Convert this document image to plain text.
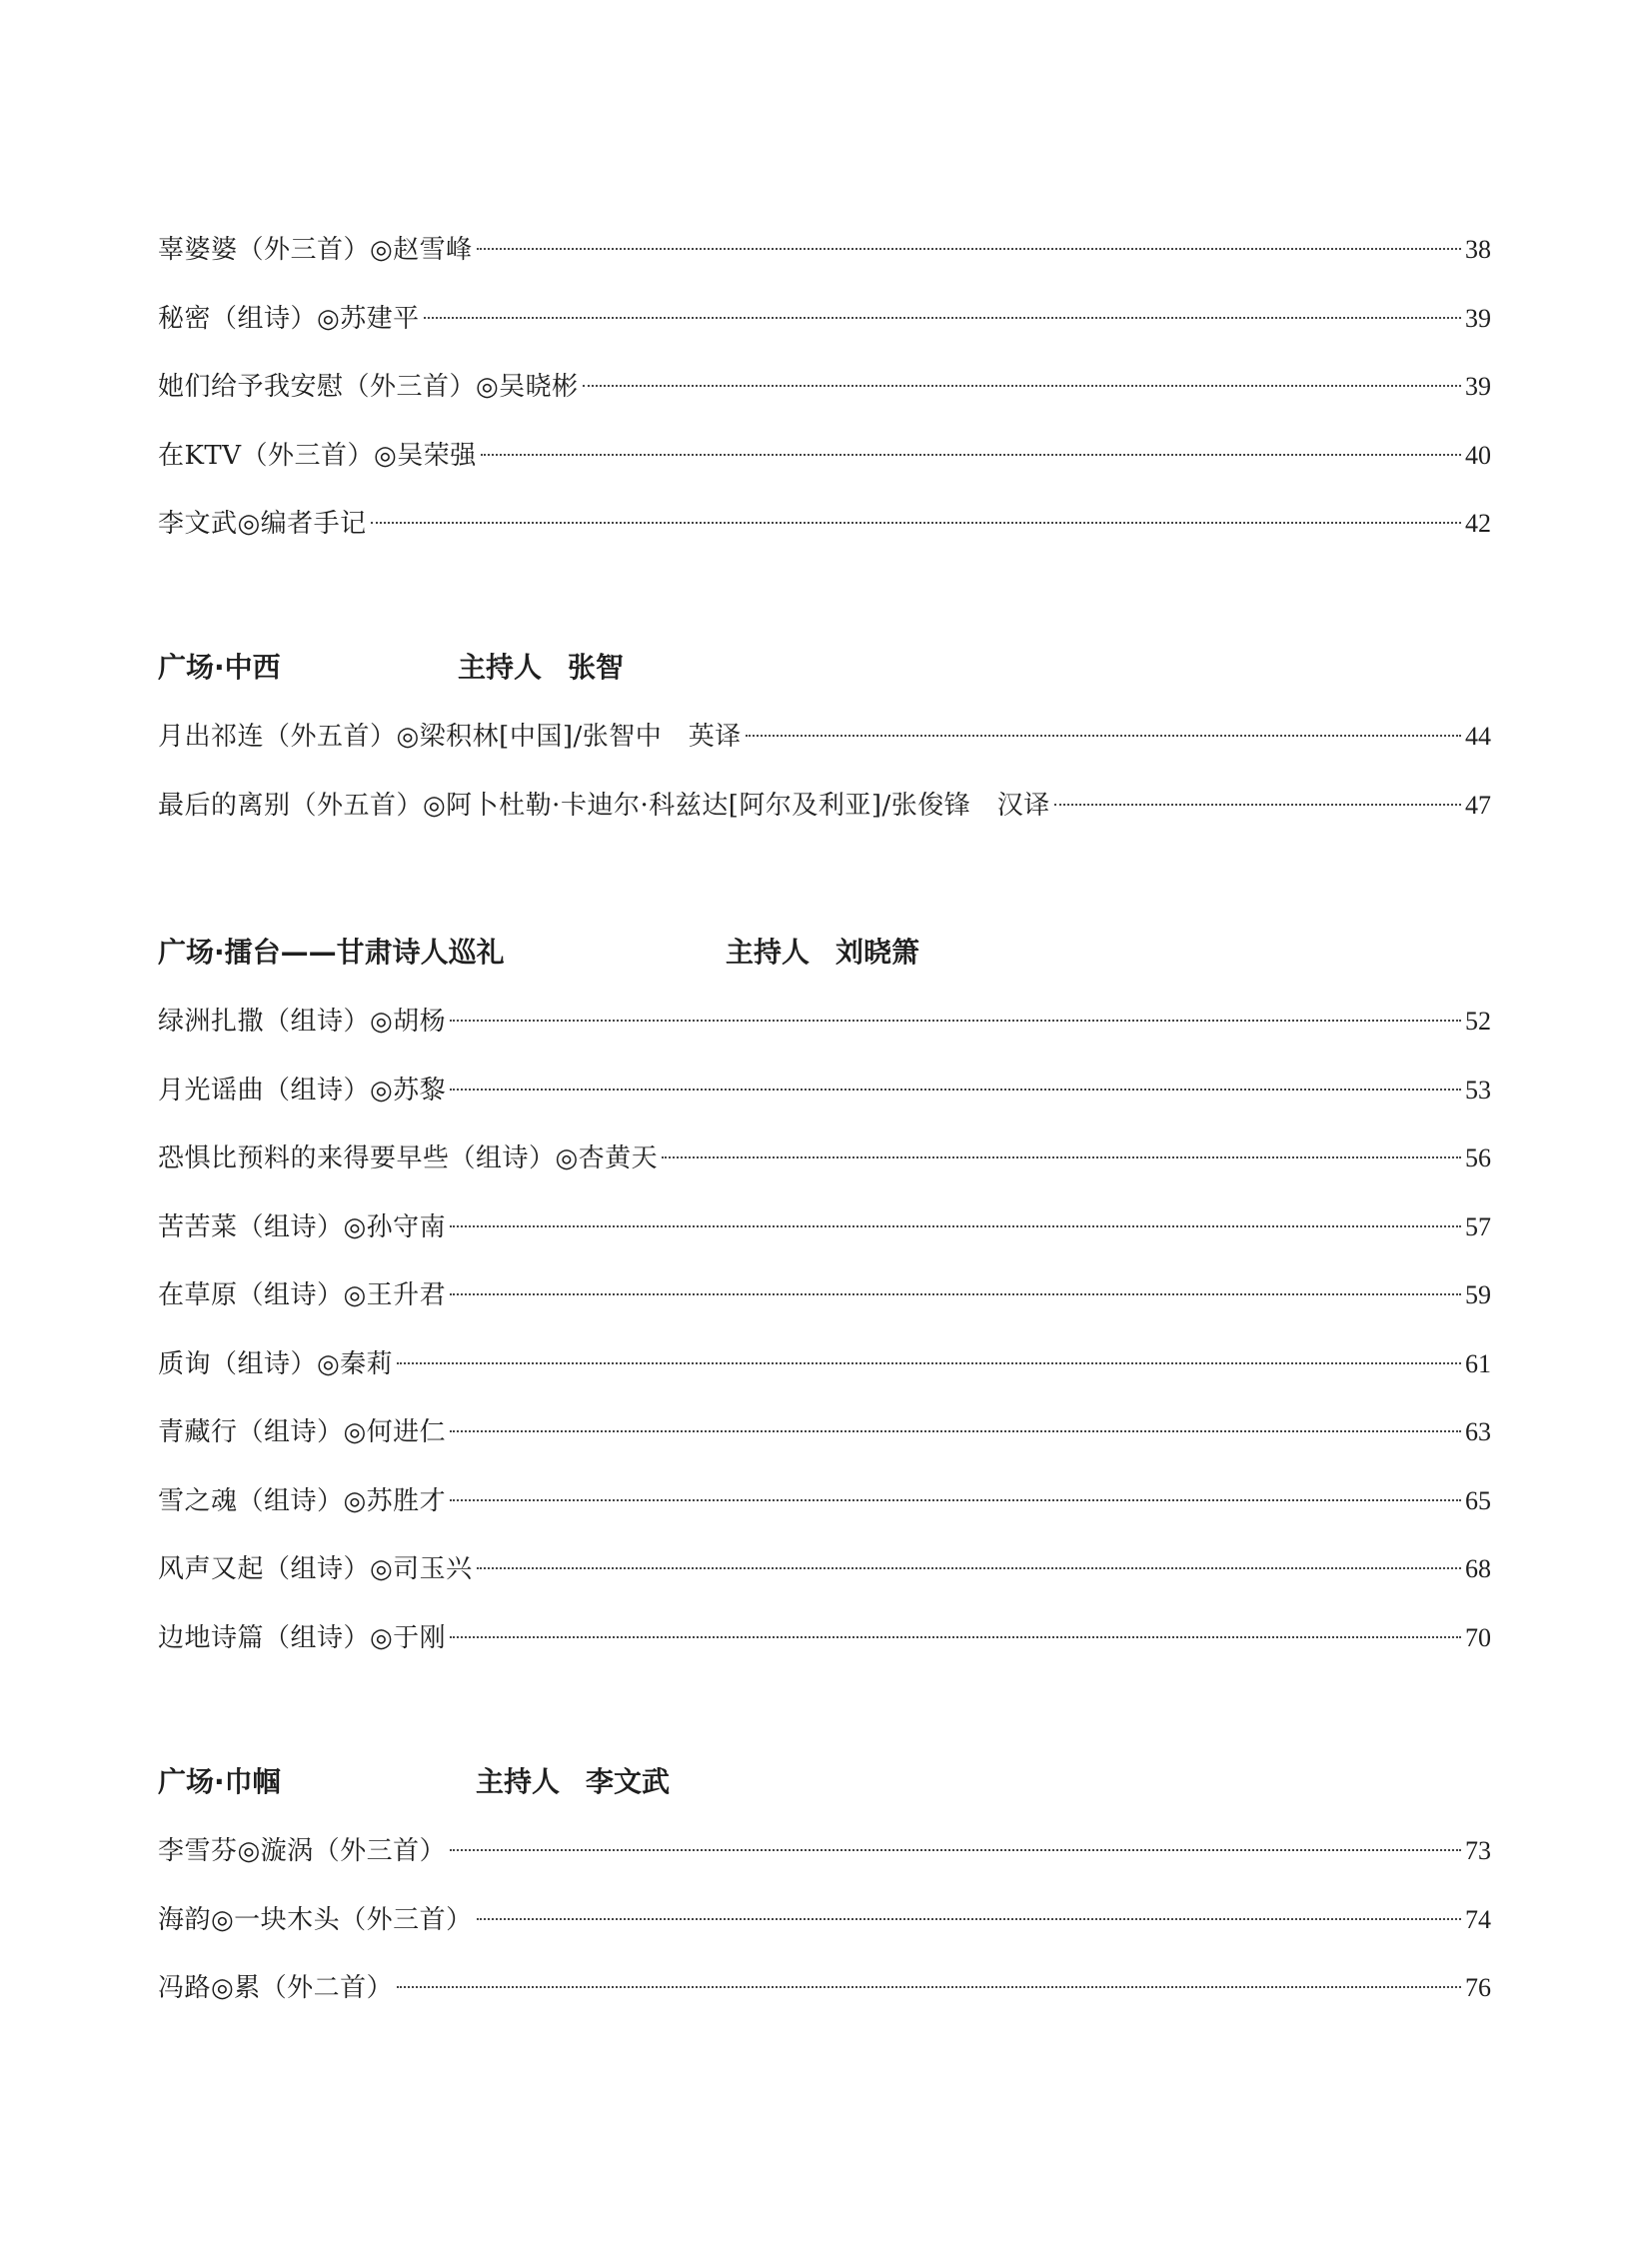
辜婆婆（外三首）◎赵雪峰	38
秘密（组诗）◎苏建平	39
她们给予我安慰（外三首）◎吴晓彬	39
在KTV（外三首）◎吴荣强	40
李文武◎编者手记	42
广场·中西	主持人 张智
月出祁连（外五首）◎梁积林[中国]/张智中　英译	44
最后的离别（外五首）◎阿卜杜勒·卡迪尔·科兹达[阿尔及利亚]/张俊锋　汉译	47
广场·擂台——甘肃诗人巡礼	主持人 刘晓箫
绿洲扎撒（组诗）◎胡杨	52
月光谣曲（组诗）◎苏黎	53
恐惧比预料的来得要早些（组诗）◎杏黄天	56
苦苦菜（组诗）◎孙守南	57
在草原（组诗）◎王升君	59
质询（组诗）◎秦莉	61
青藏行（组诗）◎何进仁	63
雪之魂（组诗）◎苏胜才	65
风声又起（组诗）◎司玉兴	68
边地诗篇（组诗）◎于刚	70
广场·巾帼	主持人 李文武
李雪芬◎漩涡（外三首）	73
海韵◎一块木头（外三首）	74
冯路◎累（外二首）	76
